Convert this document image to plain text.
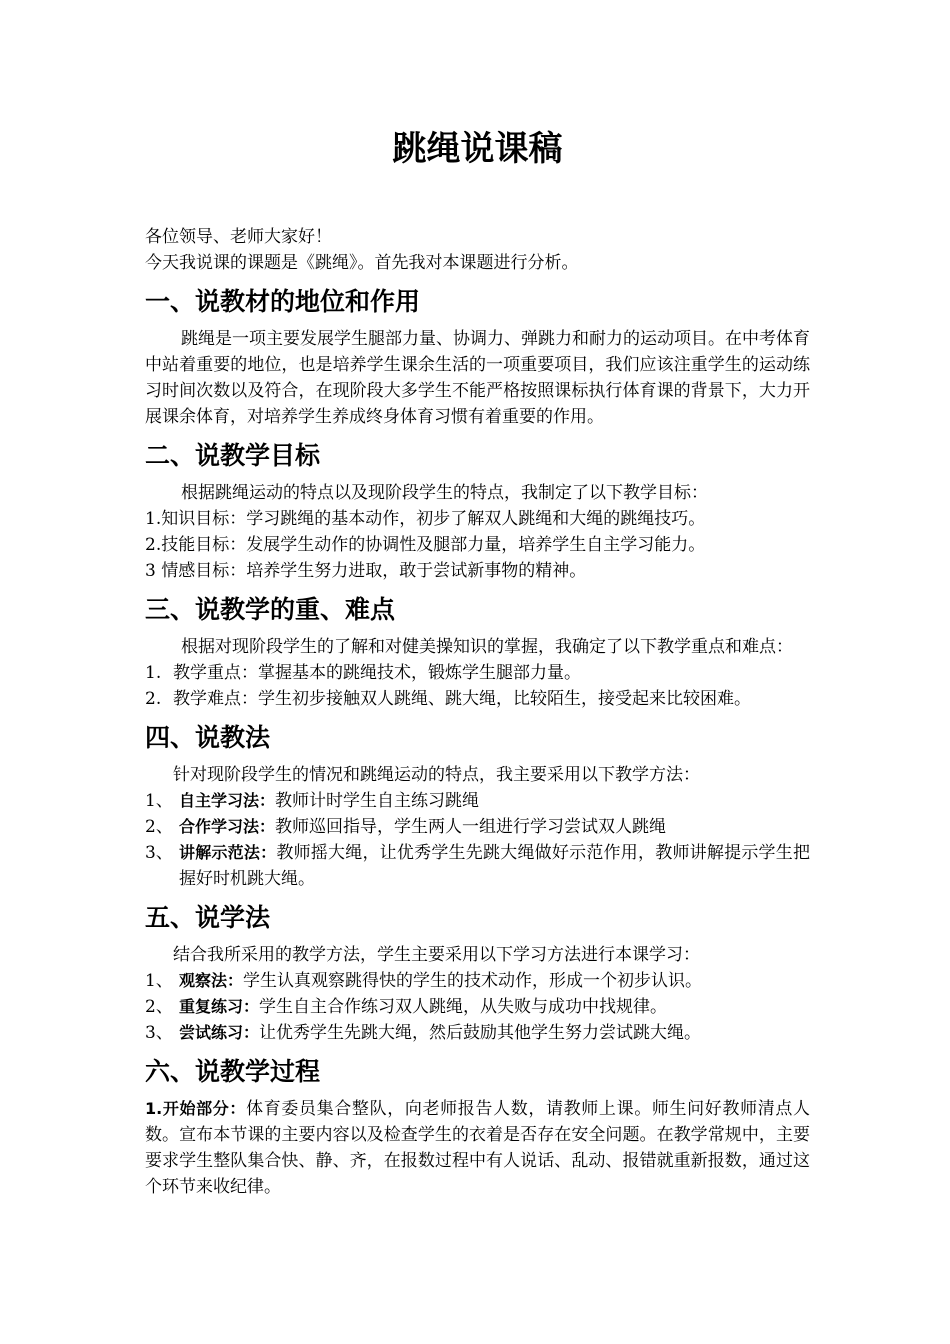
跳绳说课稿
各位领导、老师大家好！
今天我说课的课题是《跳绳》。首先我对本课题进行分析。
一、说教材的地位和作用

跳绳是一项主要发展学生腿部力量、协调力、弹跳力和耐力的运动项目。在中考体育中站着重要的地位，也是培养学生课余生活的一项重要项目，我们应该注重学生的运动练习时间次数以及符合，在现阶段大多学生不能严格按照课标执行体育课的背景下，大力开展课余体育，对培养学生养成终身体育习惯有着重要的作用。

二、说教学目标

根据跳绳运动的特点以及现阶段学生的特点，我制定了以下教学目标：

1.知识目标：学习跳绳的基本动作，初步了解双人跳绳和大绳的跳绳技巧。
2.技能目标：发展学生动作的协调性及腿部力量，培养学生自主学习能力。
3 情感目标：培养学生努力进取，敢于尝试新事物的精神。
三、说教学的重、难点

根据对现阶段学生的了解和对健美操知识的掌握，我确定了以下教学重点和难点：

1. 教学重点：掌握基本的跳绳技术，锻炼学生腿部力量。
2. 教学难点：学生初步接触双人跳绳、跳大绳，比较陌生，接受起来比较困难。
四、说教法

针对现阶段学生的情况和跳绳运动的特点，我主要采用以下教学方法：

1、 自主学习法：教师计时学生自主练习跳绳
2、 合作学习法：教师巡回指导，学生两人一组进行学习尝试双人跳绳
3、 讲解示范法：教师摇大绳，让优秀学生先跳大绳做好示范作用，教师讲解提示学生把握好时机跳大绳。
五、说学法

结合我所采用的教学方法，学生主要采用以下学习方法进行本课学习：

1、 观察法：学生认真观察跳得快的学生的技术动作，形成一个初步认识。
2、 重复练习：学生自主合作练习双人跳绳，从失败与成功中找规律。
3、 尝试练习：让优秀学生先跳大绳，然后鼓励其他学生努力尝试跳大绳。
六、说教学过程

1.开始部分：体育委员集合整队，向老师报告人数，请教师上课。师生问好教师清点人数。宣布本节课的主要内容以及检查学生的衣着是否存在安全问题。在教学常规中，主要要求学生整队集合快、静、齐，在报数过程中有人说话、乱动、报错就重新报数，通过这个环节来收纪律。
